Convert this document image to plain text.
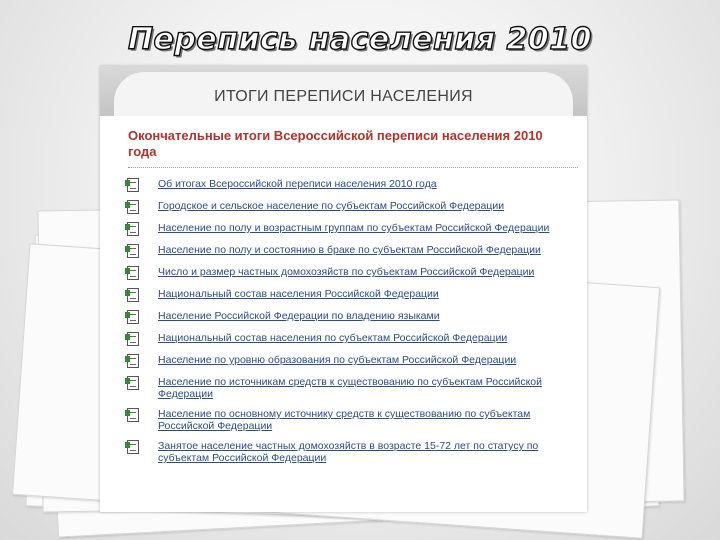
Перепись населения 2010
ИТОГИ ПЕРЕПИСИ НАСЕЛЕНИЯ
Окончательные итоги Всероссийской переписи населения 2010 года
Об итогах Всероссийской переписи населения 2010 года
Городское и сельское население по субъектам Российской Федерации
Население по полу и возрастным группам по субъектам Российской Федерации
Население по полу и состоянию в браке по субъектам Российской Федерации
Число и размер частных домохозяйств по субъектам Российской Федерации
Национальный состав населения Российской Федерации
Население Российской Федерации по владению языками
Национальный состав населения по субъектам Российской Федерации
Население по уровню образования по субъектам Российской Федерации
Население по источникам средств к существованию по субъектам Российской Федерации
Население по основному источнику средств к существованию по субъектам Российской Федерации
Занятое население частных домохозяйств в возрасте 15-72 лет по статусу по субъектам Российской Федерации
